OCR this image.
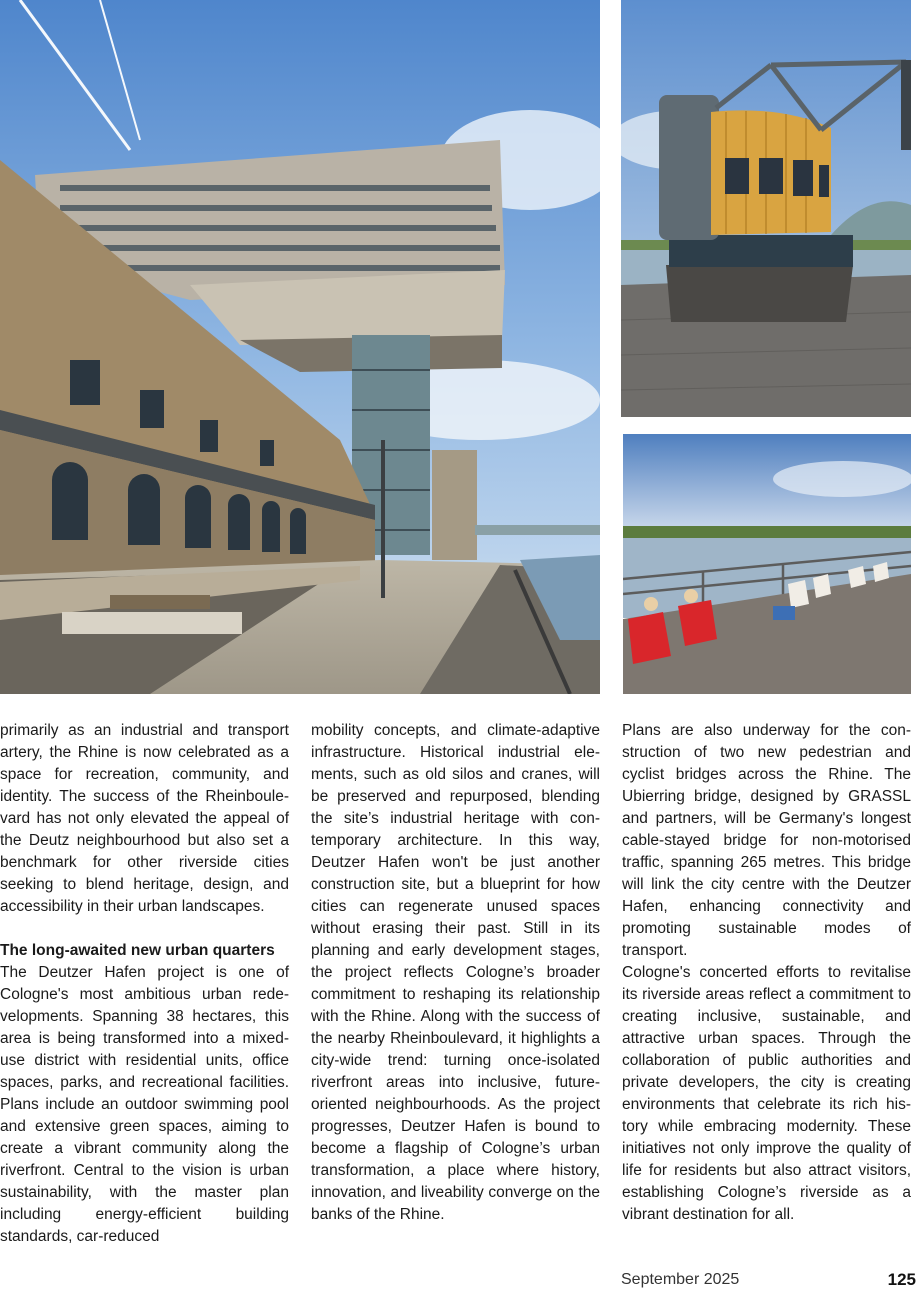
primarily as an industrial and transport artery, the Rhine is now celebrated as a space for recreation, community, and identity. The success of the Rheinboulevard has not only elevated the appeal of the Deutz neighbourhood but also set a benchmark for other riverside cities seeking to blend heritage, design, and accessibility in their urban landscapes.

The long-awaited new urban quarters

The Deutzer Hafen project is one of Cologne's most ambitious urban redevelopments. Spanning 38 hectares, this area is being transformed into a mixed-use district with residential units, office spaces, parks, and recreational facilities. Plans include an outdoor swimming pool and extensive green spaces, aiming to create a vibrant community along the riverfront. Central to the vision is urban sustainability, with the master plan including energy-efficient building standards, car-reduced

mobility concepts, and climate-adaptive infrastructure. Historical industrial elements, such as old silos and cranes, will be preserved and repurposed, blending the site’s industrial heritage with contemporary architecture. In this way, Deutzer Hafen won't be just another construction site, but a blueprint for how cities can regenerate unused spaces without erasing their past. Still in its planning and early development stages, the project reflects Cologne’s broader commitment to reshaping its relationship with the Rhine. Along with the success of the nearby Rheinboulevard, it highlights a city-wide trend: turning once-isolated riverfront areas into inclusive, future-oriented neighbourhoods. As the project progresses, Deutzer Hafen is bound to become a flagship of Cologne’s urban transformation, a place where history, innovation, and liveability converge on the banks of the Rhine.

Plans are also underway for the construction of two new pedestrian and cyclist bridges across the Rhine. The Ubierring bridge, designed by GRASSL and partners, will be Germany's longest cable-stayed bridge for non-motorised traffic, spanning 265 metres. This bridge will link the city centre with the Deutzer Hafen, enhancing connectivity and promoting sustainable modes of transport.

Cologne's concerted efforts to revitalise its riverside areas reflect a commitment to creating inclusive, sustainable, and attractive urban spaces. Through the collaboration of public authorities and private developers, the city is creating environments that celebrate its rich history while embracing modernity. These initiatives not only improve the quality of life for residents but also attract visitors, establishing Cologne’s riverside as a vibrant destination for all.

September 2025	125
